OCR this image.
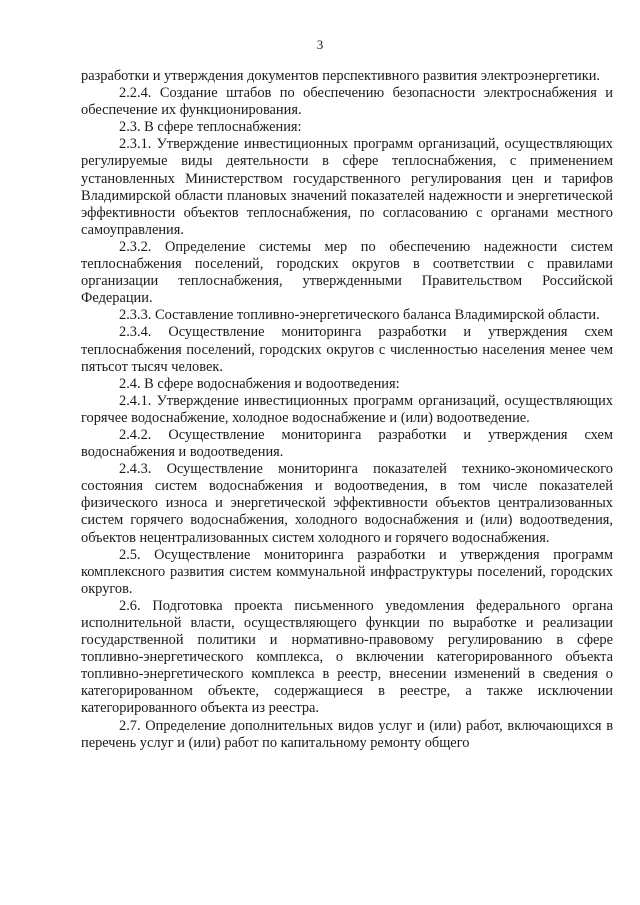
3

разработки и утверждения документов перспективного развития электроэнергетики.

2.2.4. Создание штабов по обеспечению безопасности электроснабжения и обеспечение их функционирования.

2.3. В сфере теплоснабжения:

2.3.1. Утверждение инвестиционных программ организаций, осуществляющих регулируемые виды деятельности в сфере теплоснабжения, с применением установленных Министерством государственного регулирования цен и тарифов Владимирской области плановых значений показателей надежности и энергетической эффективности объектов теплоснабжения, по согласованию с органами местного самоуправления.

2.3.2. Определение системы мер по обеспечению надежности систем теплоснабжения поселений, городских округов в соответствии с правилами организации теплоснабжения, утвержденными Правительством Российской Федерации.

2.3.3. Составление топливно-энергетического баланса Владимирской области.

2.3.4. Осуществление мониторинга разработки и утверждения схем теплоснабжения поселений, городских округов с численностью населения менее чем пятьсот тысяч человек.

2.4. В сфере водоснабжения и водоотведения:

2.4.1. Утверждение инвестиционных программ организаций, осуществляющих горячее водоснабжение, холодное водоснабжение и (или) водоотведение.

2.4.2. Осуществление мониторинга разработки и утверждения схем водоснабжения и водоотведения.

2.4.3. Осуществление мониторинга показателей технико-экономического состояния систем водоснабжения и водоотведения, в том числе показателей физического износа и энергетической эффективности объектов централизованных систем горячего водоснабжения, холодного водоснабжения и (или) водоотведения, объектов нецентрализованных систем холодного и горячего водоснабжения.

2.5. Осуществление мониторинга разработки и утверждения программ комплексного развития систем коммунальной инфраструктуры поселений, городских округов.

2.6. Подготовка проекта письменного уведомления федерального органа исполнительной власти, осуществляющего функции по выработке и реализации государственной политики и нормативно-правовому регулированию в сфере топливно-энергетического комплекса, о включении категорированного объекта топливно-энергетического комплекса в реестр, внесении изменений в сведения о категорированном объекте, содержащиеся в реестре, а также исключении категорированного объекта из реестра.

2.7. Определение дополнительных видов услуг и (или) работ, включающихся в перечень услуг и (или) работ по капитальному ремонту общего
